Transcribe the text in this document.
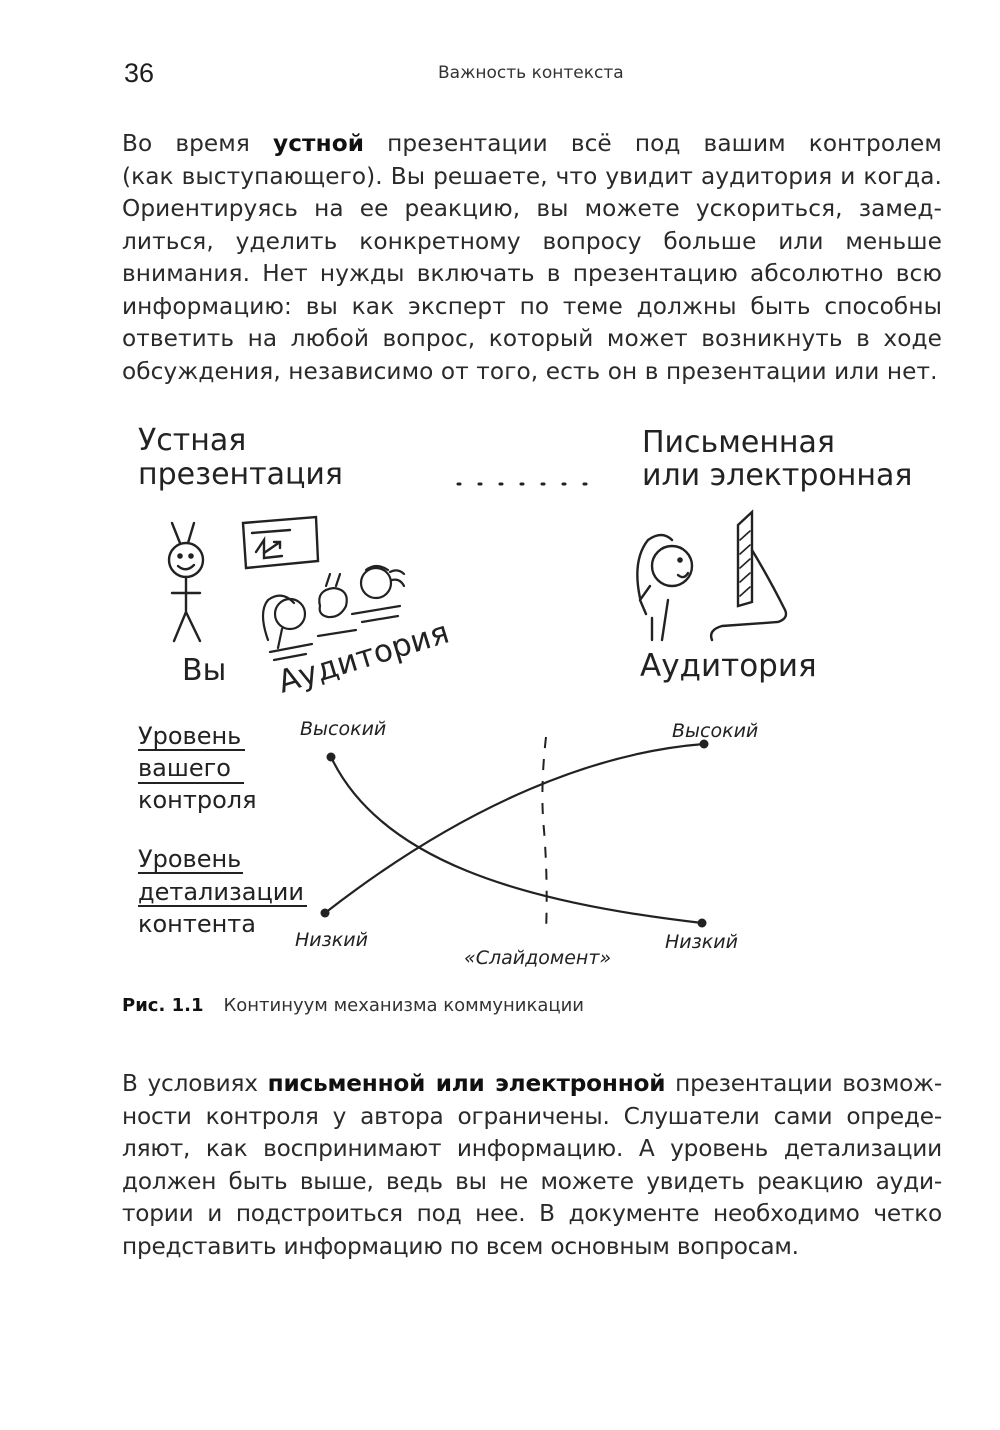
36	Важность контекста
Во время устной презентации всё под вашим контролем
(как выступающего). Вы решаете, что увидит аудитория и когда.
Ориентируясь на ее реакцию, вы можете ускориться, замед-
литься, уделить конкретному вопросу больше или меньше
внимания. Нет нужды включать в презентацию абсолютно всю
информацию: вы как эксперт по теме должны быть способны
ответить на любой вопрос, который может возникнуть в ходе
обсуждения, независимо от того, есть он в презентации или нет.
Устная
презентация
Письменная
или электронная
Вы Аудитория	Аудитория
Уровень
вашего
контроля
Уровень
детализации
контента
Высокий	Высокий
Низкий	Низкий
«Слайдомент»
Рис. 1.1 Континуум механизма коммуникации
В условиях письменной или электронной презентации возмож-
ности контроля у автора ограничены. Слушатели сами опреде-
ляют, как воспринимают информацию. А уровень детализации
должен быть выше, ведь вы не можете увидеть реакцию ауди-
тории и подстроиться под нее. В документе необходимо четко
представить информацию по всем основным вопросам.
